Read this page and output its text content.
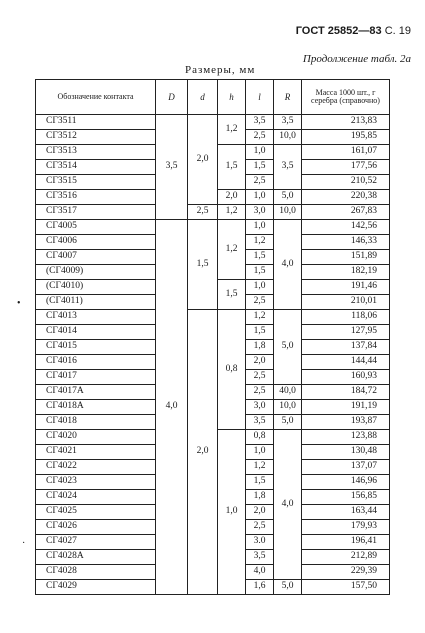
ГОСТ 25852—83 С. 19
Продолжение табл. 2а
Размеры, мм
Обозначение контакта	D	d	h	l	R	Масса 1000 шт., г серебра (справочно)
СГ3511	3,5	2,0	1,2	3,5	3,5	213,83
СГ3512				2,5	10,0	195,85
СГ3513			1,5	1,0	3,5	161,07
СГ3514				1,5		177,56
СГ3515				2,5		210,52
СГ3516			2,0	1,0	5,0	220,38
СГ3517		2,5	1,2	3,0	10,0	267,83
СГ4005	4,0	1,5	1,2	1,0	4,0	142,56
СГ4006				1,2		146,33
СГ4007				1,5		151,89
(СГ4009)				1,5		182,19
(СГ4010)			1,5	1,0		191,46
(СГ4011)				2,5		210,01
СГ4013		2,0	0,8	1,2	5,0	118,06
СГ4014				1,5		127,95
СГ4015				1,8		137,84
СГ4016				2,0		144,44
СГ4017				2,5		160,93
СГ4017А				2,5	40,0	184,72
СГ4018А				3,0	10,0	191,19
СГ4018				3,5	5,0	193,87
СГ4020			1,0	0,8	4,0	123,88
СГ4021				1,0		130,48
СГ4022				1,2		137,07
СГ4023				1,5		146,96
СГ4024				1,8		156,85
СГ4025				2,0		163,44
СГ4026				2,5		179,93
СГ4027				3.0		196,41
СГ4028А				3,5		212,89
СГ4028				4,0		229,39
СГ4029				1,6	5,0	157,50
•
·
